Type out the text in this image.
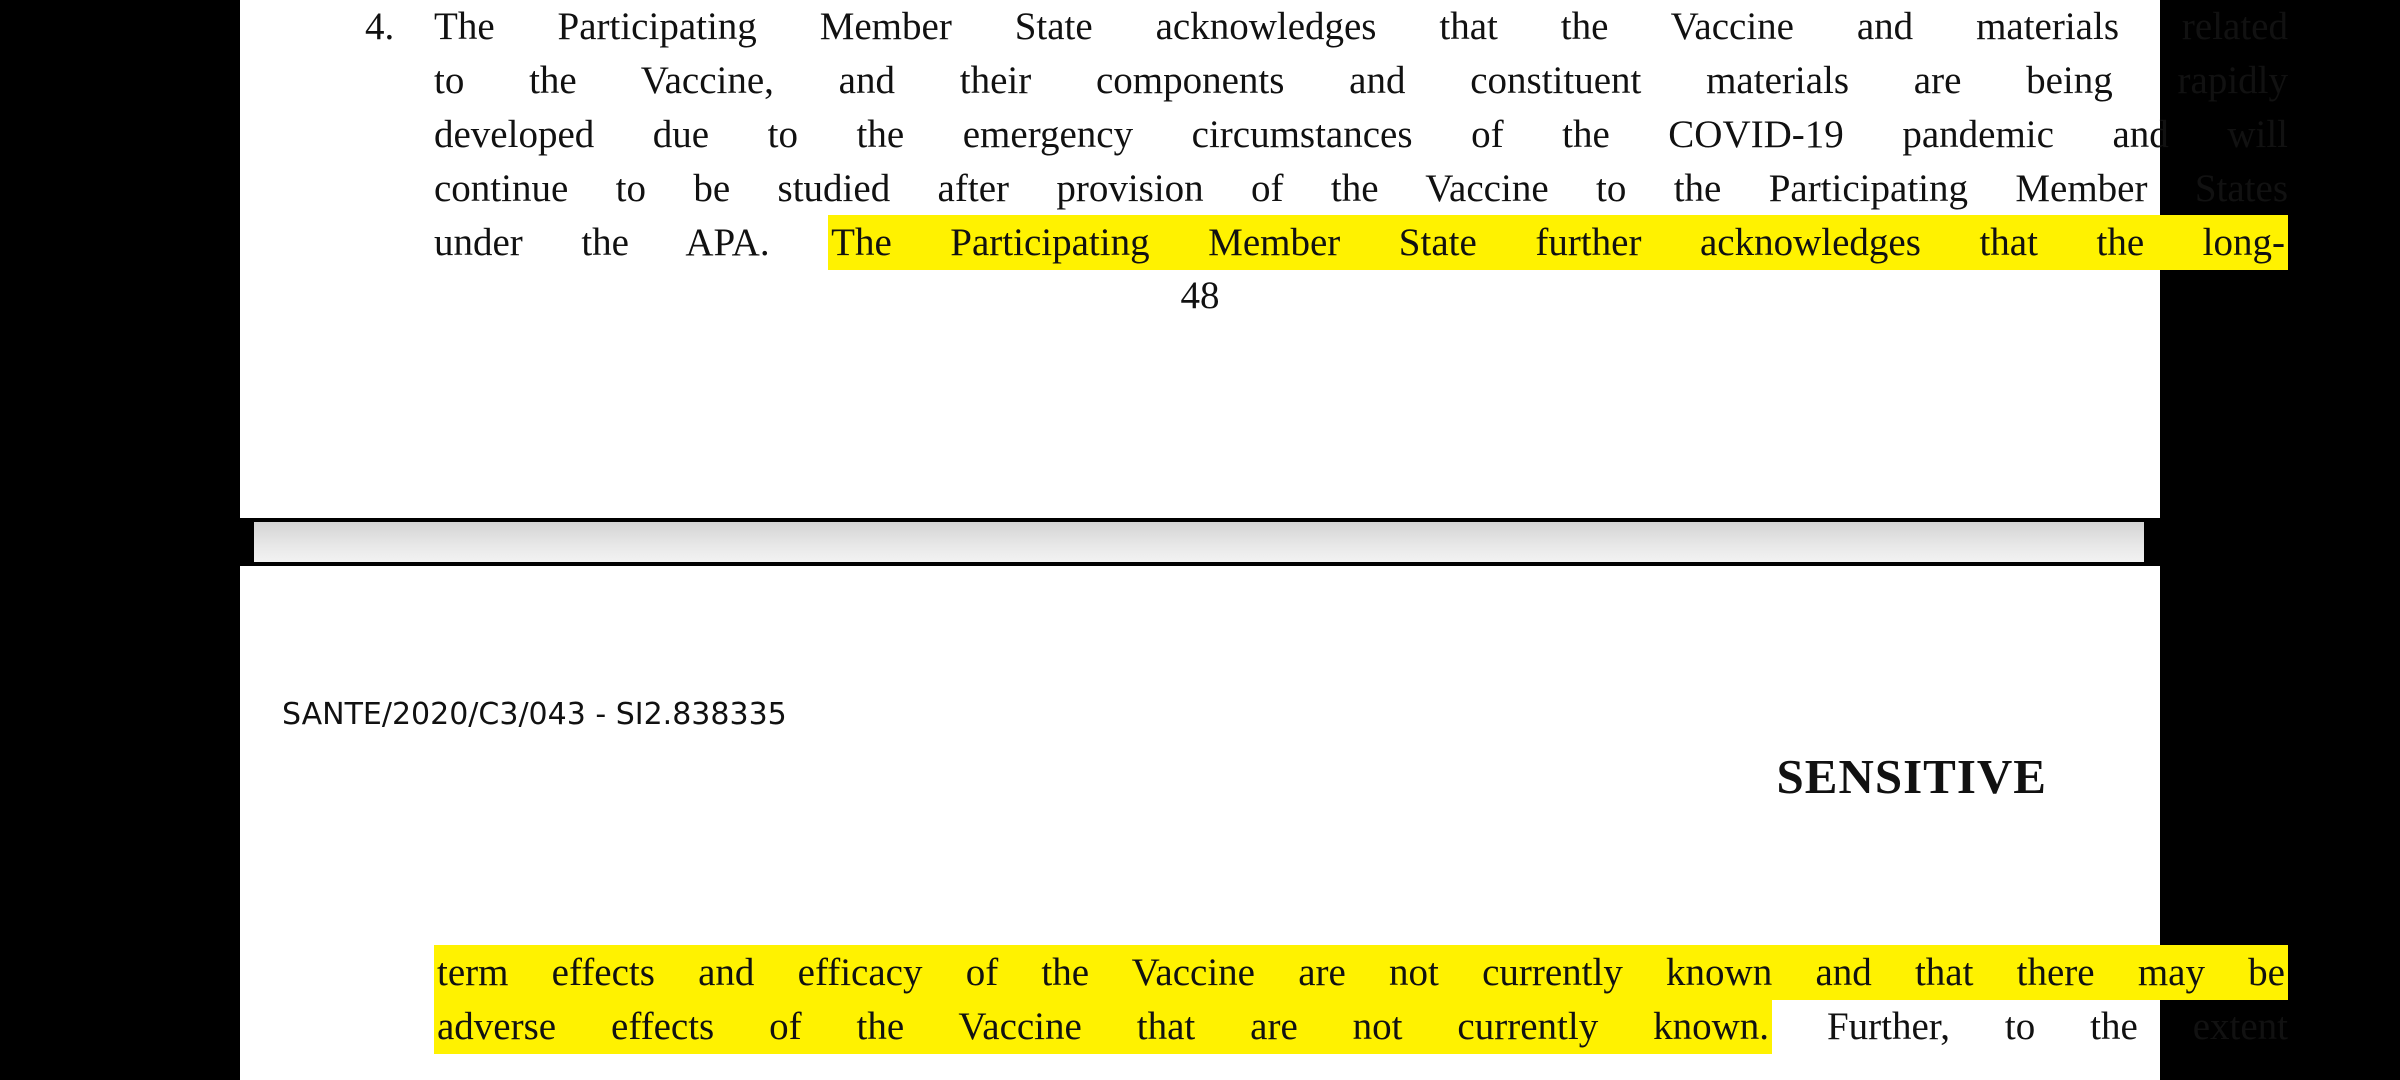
4. The Participating Member State acknowledges that the Vaccine and materials related
to the Vaccine, and their components and constituent materials are being rapidly
developed due to the emergency circumstances of the COVID-19 pandemic and will
continue to be studied after provision of the Vaccine to the Participating Member States
under the APA. The Participating Member State further acknowledges that the long-
48
SANTE/2020/C3/043 - SI2.838335
SENSITIVE
term effects and efficacy of the Vaccine are not currently known and that there may be
adverse effects of the Vaccine that are not currently known. Further, to the extent
